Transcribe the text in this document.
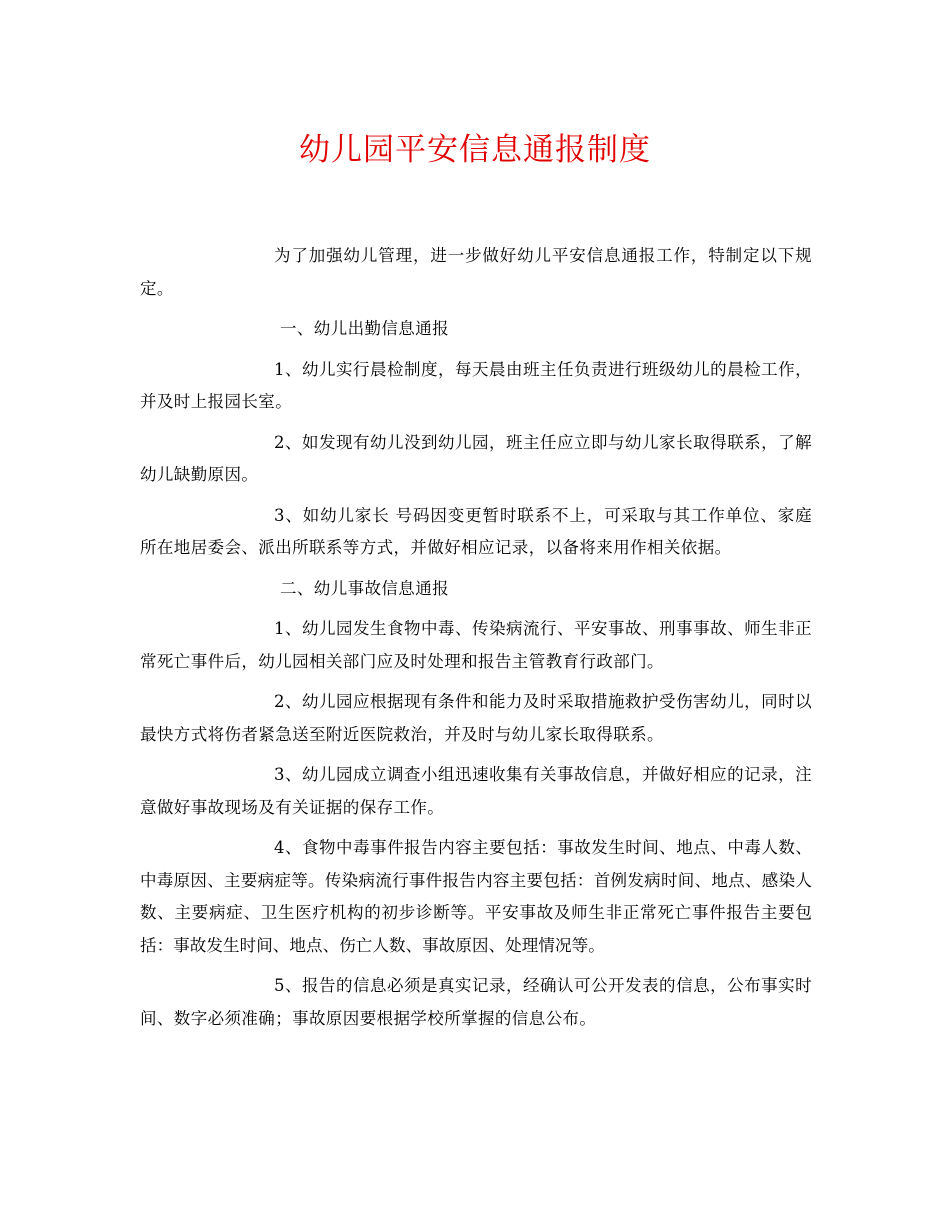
幼儿园平安信息通报制度

为了加强幼儿管理，进一步做好幼儿平安信息通报工作，特制定以下规定。

一、幼儿出勤信息通报

1、幼儿实行晨检制度，每天晨由班主任负责进行班级幼儿的晨检工作，并及时上报园长室。

2、如发现有幼儿没到幼儿园，班主任应立即与幼儿家长取得联系，了解幼儿缺勤原因。

3、如幼儿家长 号码因变更暂时联系不上，可采取与其工作单位、家庭所在地居委会、派出所联系等方式，并做好相应记录，以备将来用作相关依据。

二、幼儿事故信息通报

1、幼儿园发生食物中毒、传染病流行、平安事故、刑事事故、师生非正常死亡事件后，幼儿园相关部门应及时处理和报告主管教育行政部门。

2、幼儿园应根据现有条件和能力及时采取措施救护受伤害幼儿，同时以最快方式将伤者紧急送至附近医院救治，并及时与幼儿家长取得联系。

3、幼儿园成立调查小组迅速收集有关事故信息，并做好相应的记录，注意做好事故现场及有关证据的保存工作。

4、食物中毒事件报告内容主要包括：事故发生时间、地点、中毒人数、中毒原因、主要病症等。传染病流行事件报告内容主要包括：首例发病时间、地点、感染人数、主要病症、卫生医疗机构的初步诊断等。平安事故及师生非正常死亡事件报告主要包括：事故发生时间、地点、伤亡人数、事故原因、处理情况等。

5、报告的信息必须是真实记录，经确认可公开发表的信息，公布事实时间、数字必须准确；事故原因要根据学校所掌握的信息公布。
